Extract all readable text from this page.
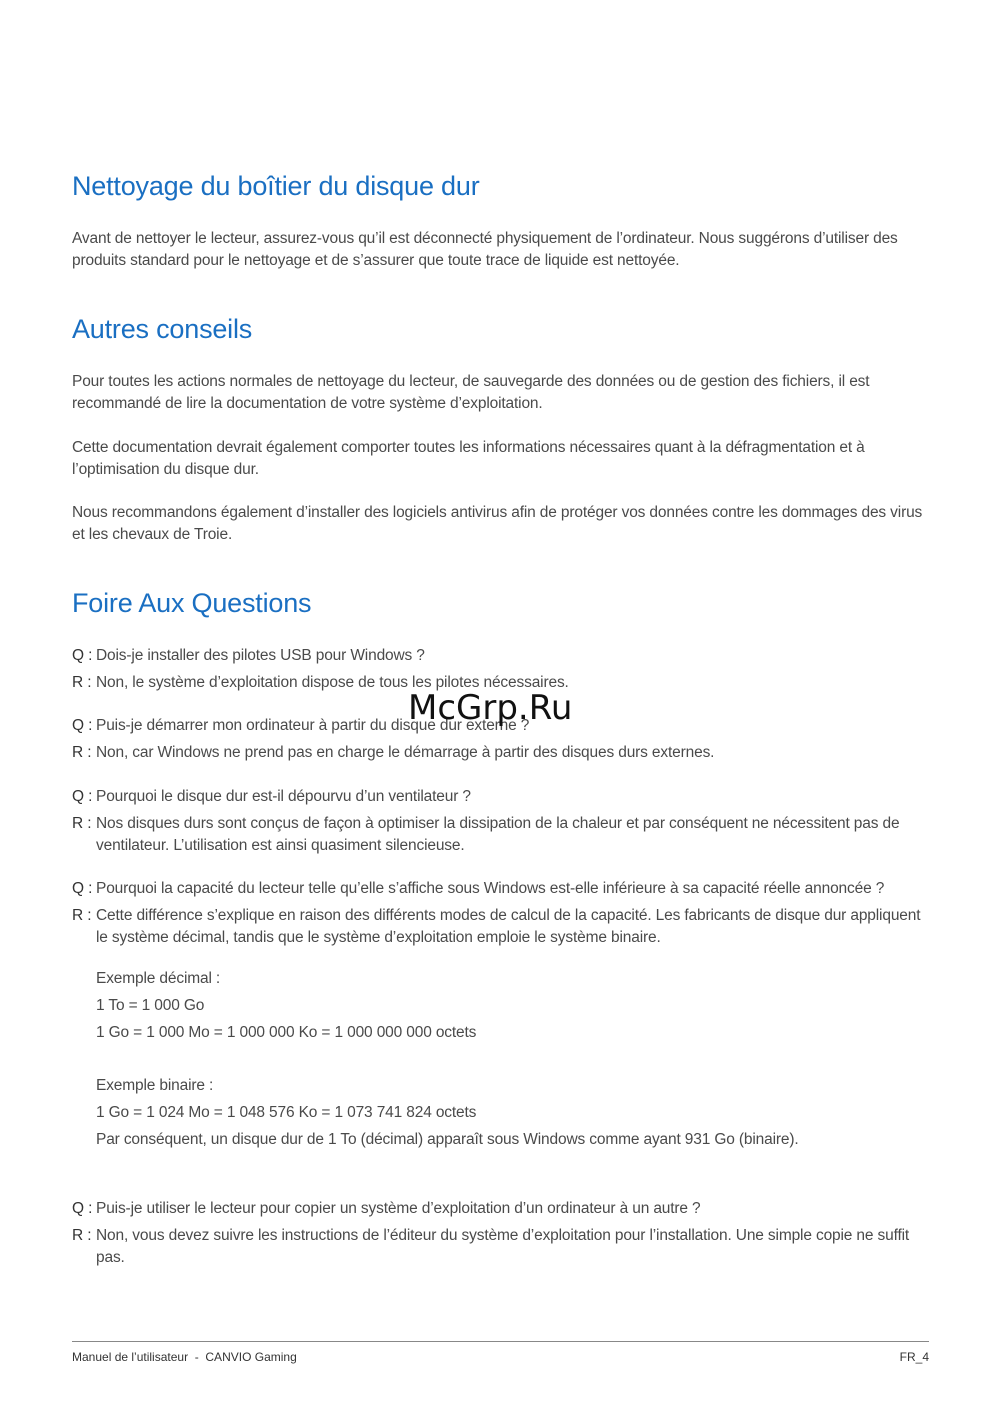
Nettoyage du boîtier du disque dur

Avant de nettoyer le lecteur, assurez-vous qu’il est déconnecté physiquement de l’ordinateur. Nous suggérons d’utiliser des produits standard pour le nettoyage et de s’assurer que toute trace de liquide est nettoyée.

Autres conseils

Pour toutes les actions normales de nettoyage du lecteur, de sauvegarde des données ou de gestion des fichiers, il est recommandé de lire la documentation de votre système d’exploitation.

Cette documentation devrait également comporter toutes les informations nécessaires quant à la défragmentation et à l’optimisation du disque dur.

Nous recommandons également d’installer des logiciels antivirus afin de protéger vos données contre les dommages des virus et les chevaux de Troie.

Foire Aux Questions
Q : Dois-je installer des pilotes USB pour Windows ?
R : Non, le système d’exploitation dispose de tous les pilotes nécessaires.
Q : Puis-je démarrer mon ordinateur à partir du disque dur externe ?
R : Non, car Windows ne prend pas en charge le démarrage à partir des disques durs externes.
Q : Pourquoi le disque dur est-il dépourvu d’un ventilateur ?
R : Nos disques durs sont conçus de façon à optimiser la dissipation de la chaleur et par conséquent ne nécessitent pas de ventilateur. L’utilisation est ainsi quasiment silencieuse.
Q : Pourquoi la capacité du lecteur telle qu’elle s’affiche sous Windows est-elle inférieure à sa capacité réelle annoncée ?
R : Cette différence s’explique en raison des différents modes de calcul de la capacité. Les fabricants de disque dur appliquent le système décimal, tandis que le système d’exploitation emploie le système binaire.
Exemple décimal :
1 To = 1 000 Go
1 Go = 1 000 Mo = 1 000 000 Ko = 1 000 000 000 octets
Exemple binaire :
1 Go = 1 024 Mo = 1 048 576 Ko = 1 073 741 824 octets
Par conséquent, un disque dur de 1 To (décimal) apparaît sous Windows comme ayant 931 Go (binaire).
Q : Puis-je utiliser le lecteur pour copier un système d’exploitation d’un ordinateur à un autre ?
R : Non, vous devez suivre les instructions de l’éditeur du système d’exploitation pour l’installation. Une simple copie ne suffit pas.
McGrp.Ru
Manuel de l’utilisateur  -  CANVIO Gaming	FR_4
